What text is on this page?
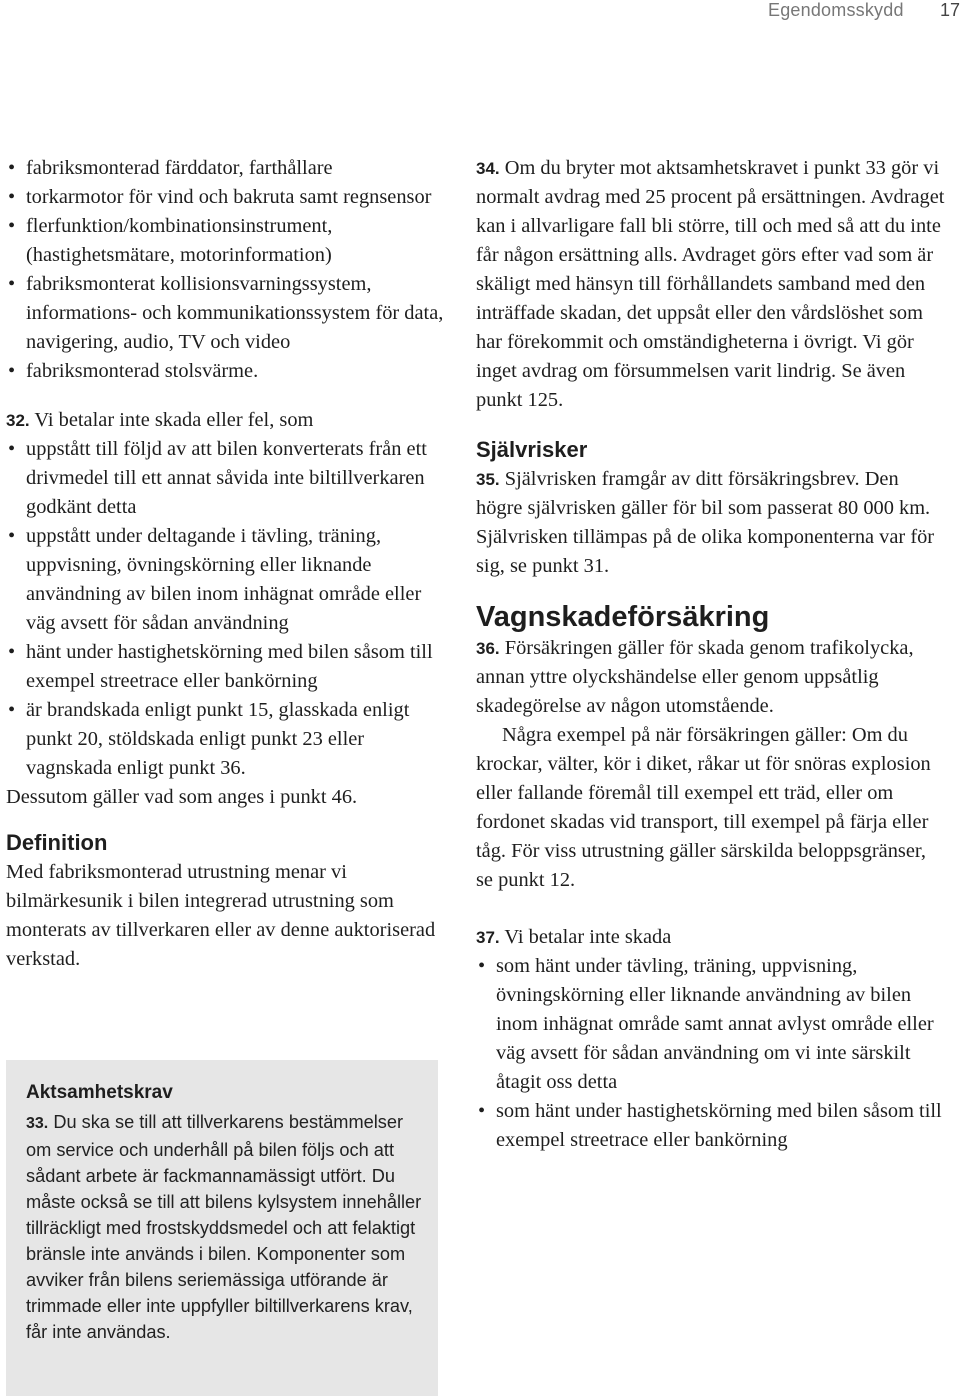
Egendomsskydd 17
• fabriksmonterad färddator, farthållare
• torkarmotor för vind och bakruta samt regnsensor
• flerfunktion/kombinationsinstrument, (hastighetsmätare, motorinformation)
• fabriksmonterat kollisionsvarningssystem, informations- och kommunikationssystem för data, navigering, audio, TV och video
• fabriksmonterad stolsvärme.

32. Vi betalar inte skada eller fel, som

• uppstått till följd av att bilen konverterats från ett drivmedel till ett annat såvida inte biltillverkaren godkänt detta
• uppstått under deltagande i tävling, träning, uppvisning, övningskörning eller liknande användning av bilen inom inhägnat område eller väg avsett för sådan användning
• hänt under hastighetskörning med bilen såsom till exempel streetrace eller bankörning
• är brandskada enligt punkt 15, glasskada enligt punkt 20, stöldskada enligt punkt 23 eller vagnskada enligt punkt 36.

Dessutom gäller vad som anges i punkt 46.

Definition

Med fabriksmonterad utrustning menar vi bilmärkesunik i bilen integrerad utrustning som monterats av tillverkaren eller av denne auktoriserad verkstad.

Aktsamhetskrav

33. Du ska se till att tillverkarens bestämmelser om service och underhåll på bilen följs och att sådant arbete är fackmannamässigt utfört. Du måste också se till att bilens kylsystem innehåller tillräckligt med frostskyddsmedel och att felaktigt bränsle inte används i bilen. Komponenter som avviker från bilens seriemässiga utförande är trimmade eller inte uppfyller biltillverkarens krav, får inte användas.

34. Om du bryter mot aktsamhetskravet i punkt 33 gör vi normalt avdrag med 25 procent på ersättningen. Avdraget kan i allvarligare fall bli större, till och med så att du inte får någon ersättning alls. Avdraget görs efter vad som är skäligt med hänsyn till förhållandets samband med den inträffade skadan, det uppsåt eller den vårdslöshet som har förekommit och omständigheterna i övrigt. Vi gör inget avdrag om försummelsen varit lindrig. Se även punkt 125.

Självrisker

35. Självrisken framgår av ditt försäkringsbrev. Den högre självrisken gäller för bil som passerat 80 000 km. Självrisken tillämpas på de olika komponenterna var för sig, se punkt 31.

Vagnskadeförsäkring

36. Försäkringen gäller för skada genom trafikolycka, annan yttre olyckshändelse eller genom uppsåtlig skadegörelse av någon utomstående.

Några exempel på när försäkringen gäller: Om du krockar, välter, kör i diket, råkar ut för snöras explosion eller fallande föremål till exempel ett träd, eller om fordonet skadas vid transport, till exempel på färja eller tåg. För viss utrustning gäller särskilda beloppsgränser, se punkt 12.

37. Vi betalar inte skada

• som hänt under tävling, träning, uppvisning, övningskörning eller liknande användning av bilen inom inhägnat område samt annat avlyst område eller väg avsett för sådan användning om vi inte särskilt åtagit oss detta
• som hänt under hastighetskörning med bilen såsom till exempel streetrace eller bankörning
